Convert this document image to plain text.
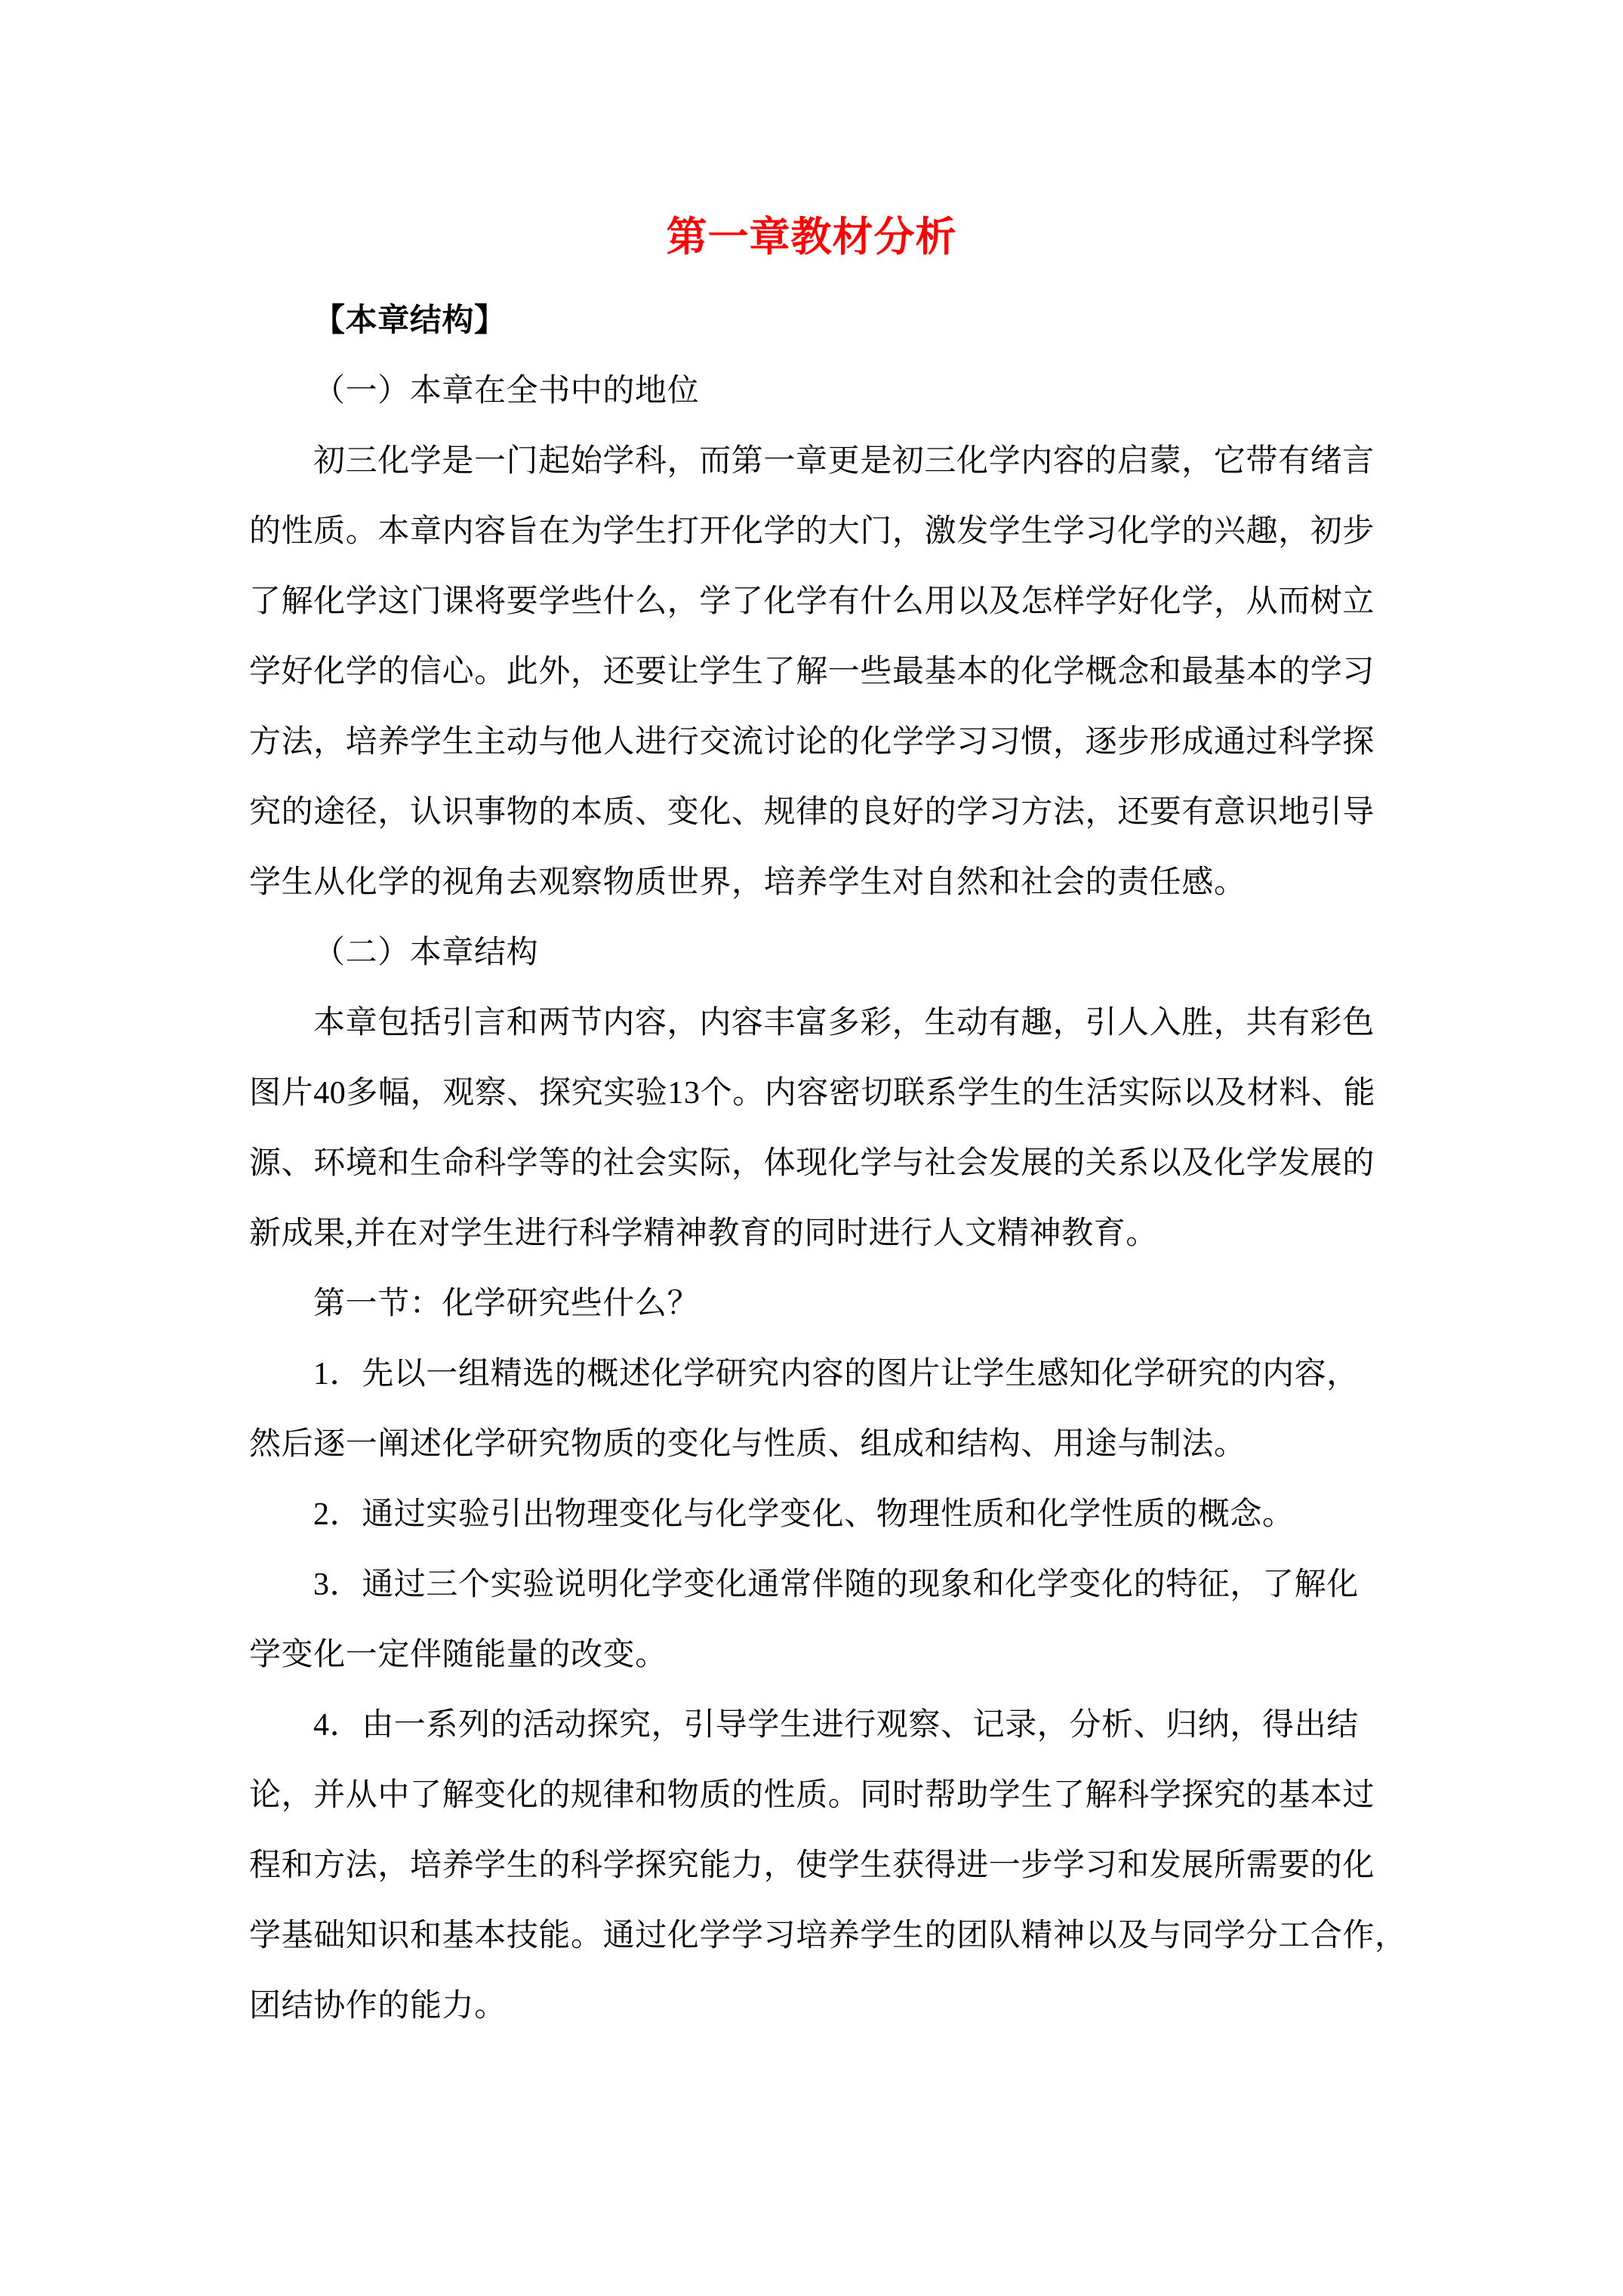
第一章教材分析
【本章结构】
（一）本章在全书中的地位
初三化学是一门起始学科，而第一章更是初三化学内容的启蒙，它带有绪言
的性质。本章内容旨在为学生打开化学的大门，激发学生学习化学的兴趣，初步
了解化学这门课将要学些什么，学了化学有什么用以及怎样学好化学，从而树立
学好化学的信心。此外，还要让学生了解一些最基本的化学概念和最基本的学习
方法，培养学生主动与他人进行交流讨论的化学学习习惯，逐步形成通过科学探
究的途径，认识事物的本质、变化、规律的良好的学习方法，还要有意识地引导
学生从化学的视角去观察物质世界，培养学生对自然和社会的责任感。
（二）本章结构
本章包括引言和两节内容，内容丰富多彩，生动有趣，引人入胜，共有彩色
图片40多幅，观察、探究实验13个。内容密切联系学生的生活实际以及材料、能
源、环境和生命科学等的社会实际，体现化学与社会发展的关系以及化学发展的
新成果,并在对学生进行科学精神教育的同时进行人文精神教育。
第一节：化学研究些什么？
1．先以一组精选的概述化学研究内容的图片让学生感知化学研究的内容，
然后逐一阐述化学研究物质的变化与性质、组成和结构、用途与制法。
2．通过实验引出物理变化与化学变化、物理性质和化学性质的概念。
3．通过三个实验说明化学变化通常伴随的现象和化学变化的特征，了解化
学变化一定伴随能量的改变。
4．由一系列的活动探究，引导学生进行观察、记录，分析、归纳，得出结
论，并从中了解变化的规律和物质的性质。同时帮助学生了解科学探究的基本过
程和方法，培养学生的科学探究能力，使学生获得进一步学习和发展所需要的化
学基础知识和基本技能。通过化学学习培养学生的团队精神以及与同学分工合作，
团结协作的能力。
